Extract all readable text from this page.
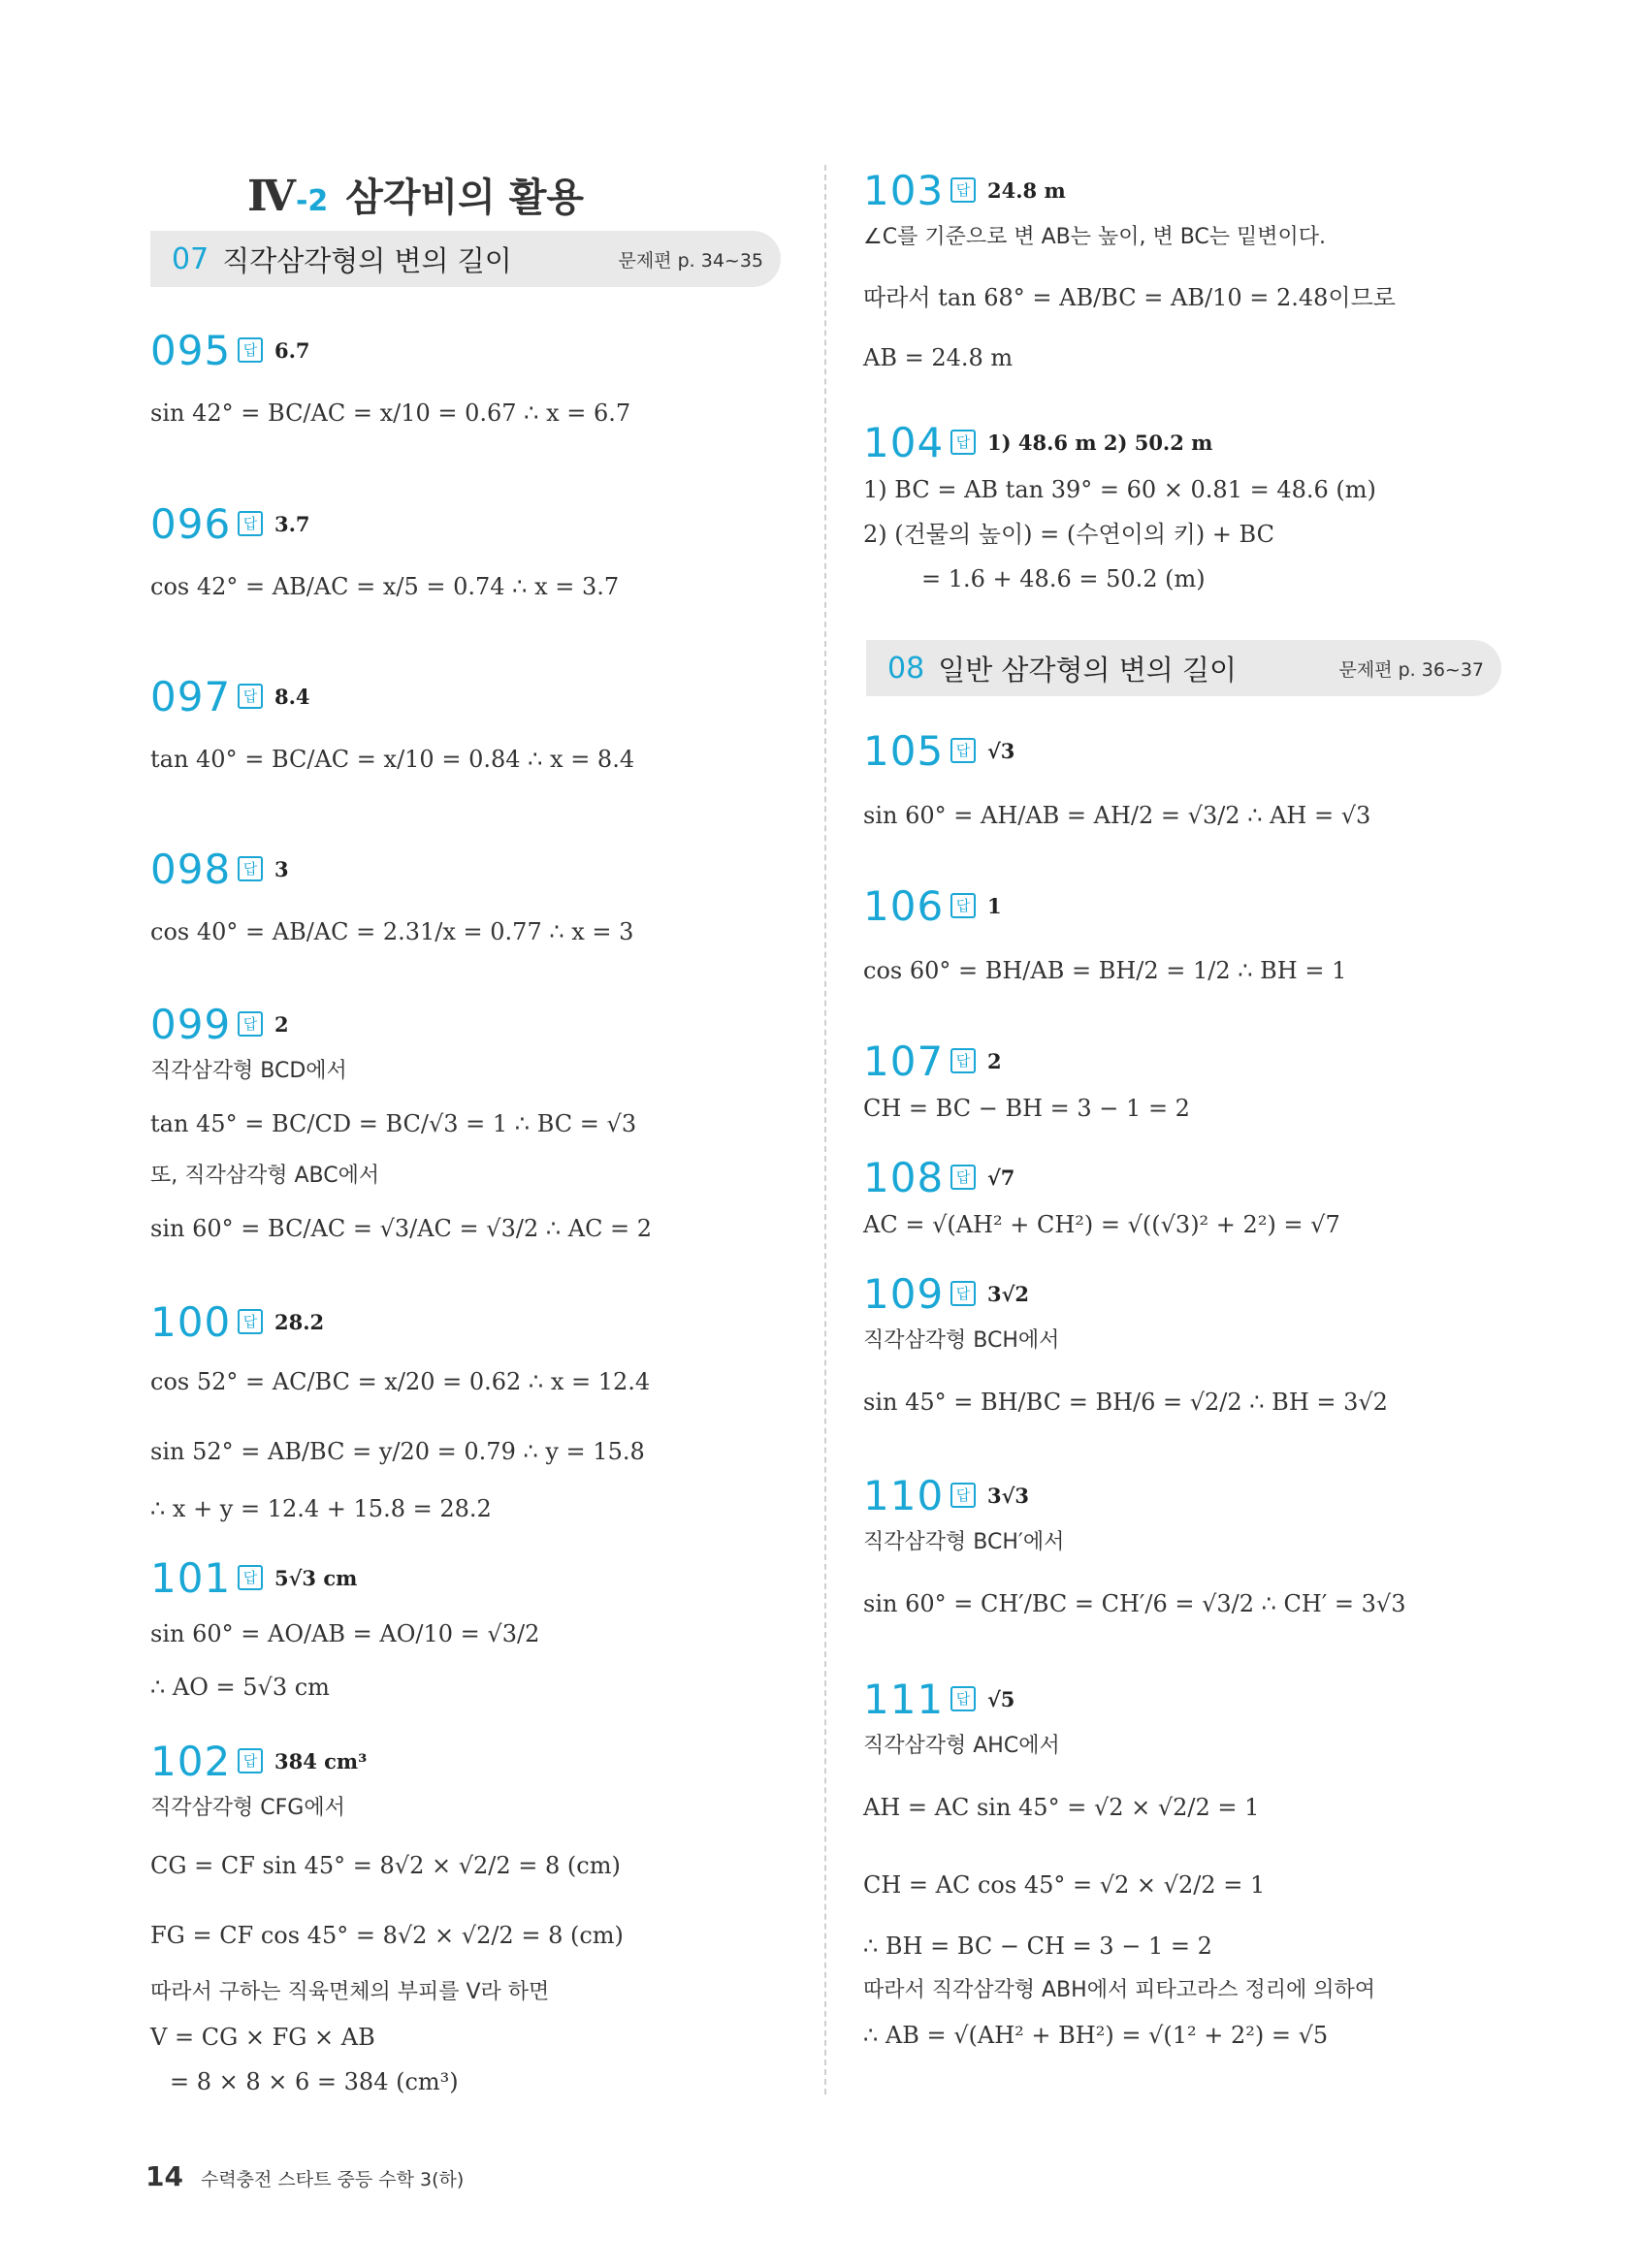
Ⅳ-2 삼각비의 활용
07 직각삼각형의 변의 길이	문제편 p. 34~35
08 일반 삼각형의 변의 길이	문제편 p. 36~37
095 답 6.7
sin 42° = BC/AC = x/10 = 0.67 ∴ x = 6.7
096 답 3.7
cos 42° = AB/AC = x/5 = 0.74 ∴ x = 3.7
097 답 8.4
tan 40° = BC/AC = x/10 = 0.84 ∴ x = 8.4
098 답 3
cos 40° = AB/AC = 2.31/x = 0.77 ∴ x = 3
099 답 2
직각삼각형 BCD에서
tan 45° = BC/CD = BC/√3 = 1 ∴ BC = √3
또, 직각삼각형 ABC에서
sin 60° = BC/AC = √3/AC = √3/2 ∴ AC = 2
100 답 28.2
cos 52° = AC/BC = x/20 = 0.62 ∴ x = 12.4
sin 52° = AB/BC = y/20 = 0.79 ∴ y = 15.8
∴ x + y = 12.4 + 15.8 = 28.2
101 답 5√3 cm
sin 60° = AO/AB = AO/10 = √3/2
∴ AO = 5√3 cm
102 답 384 cm³
직각삼각형 CFG에서
CG = CF sin 45° = 8√2 × √2/2 = 8 (cm)
FG = CF cos 45° = 8√2 × √2/2 = 8 (cm)
따라서 구하는 직육면체의 부피를 V라 하면
V = CG × FG × AB
= 8 × 8 × 6 = 384 (cm³)
103 답 24.8 m
∠C를 기준으로 변 AB는 높이, 변 BC는 밑변이다.
따라서 tan 68° = AB/BC = AB/10 = 2.48이므로
AB = 24.8 m
104 답 1) 48.6 m 2) 50.2 m
1) BC = AB tan 39° = 60 × 0.81 = 48.6 (m)
2) (건물의 높이) = (수연이의 키) + BC
= 1.6 + 48.6 = 50.2 (m)
105 답 √3
sin 60° = AH/AB = AH/2 = √3/2 ∴ AH = √3
106 답 1
cos 60° = BH/AB = BH/2 = 1/2 ∴ BH = 1
107 답 2
CH = BC − BH = 3 − 1 = 2
108 답 √7
AC = √(AH² + CH²) = √((√3)² + 2²) = √7
109 답 3√2
직각삼각형 BCH에서
sin 45° = BH/BC = BH/6 = √2/2 ∴ BH = 3√2
110 답 3√3
직각삼각형 BCH′에서
sin 60° = CH′/BC = CH′/6 = √3/2 ∴ CH′ = 3√3
111 답 √5
직각삼각형 AHC에서
AH = AC sin 45° = √2 × √2/2 = 1
CH = AC cos 45° = √2 × √2/2 = 1
∴ BH = BC − CH = 3 − 1 = 2
따라서 직각삼각형 ABH에서 피타고라스 정리에 의하여
∴ AB = √(AH² + BH²) = √(1² + 2²) = √5
14 수력충전 스타트 중등 수학 3(하)
